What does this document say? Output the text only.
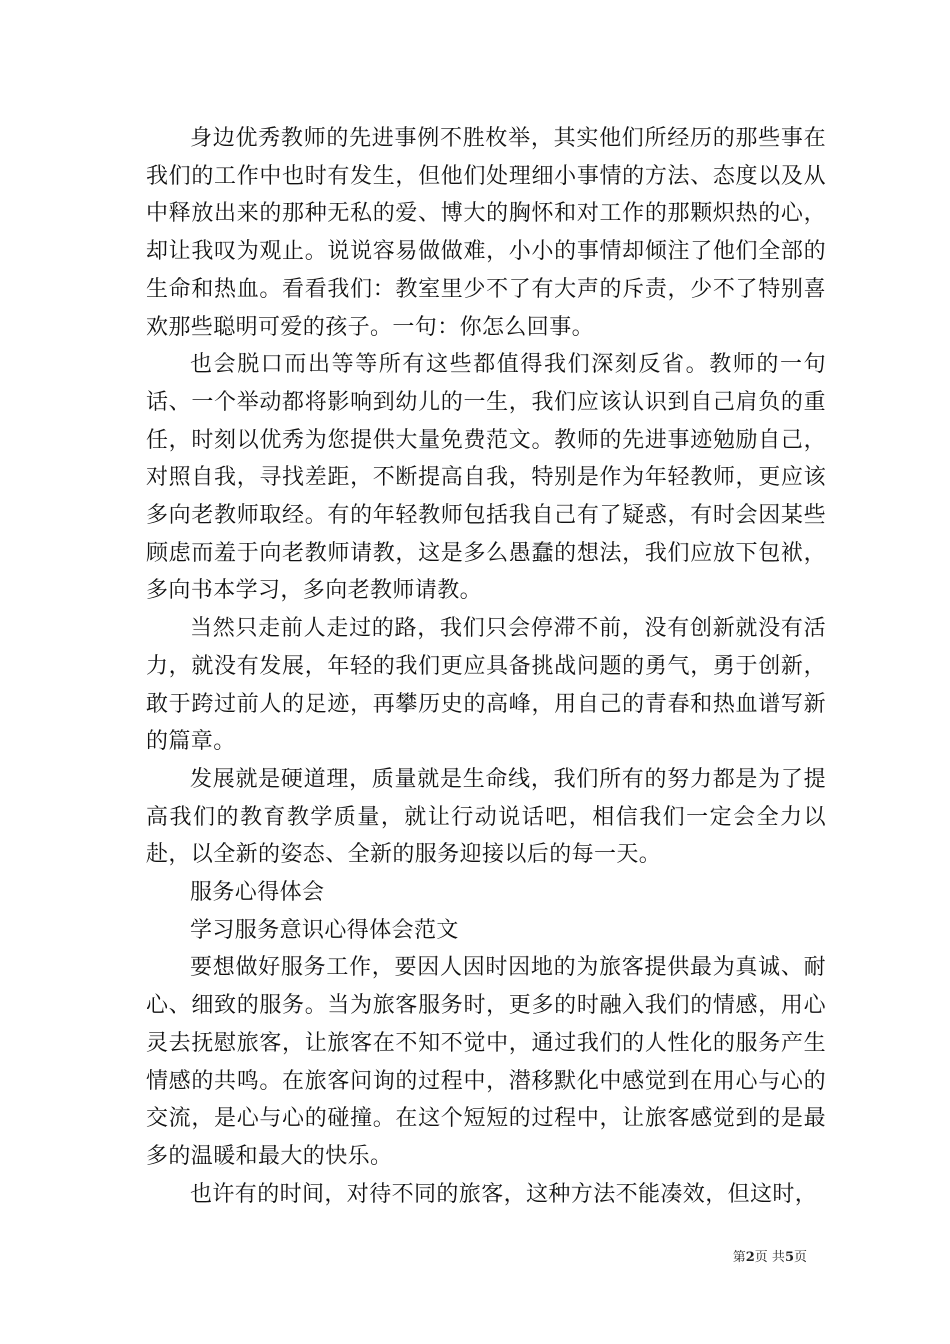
身边优秀教师的先进事例不胜枚举，其实他们所经历的那些事在我们的工作中也时有发生，但他们处理细小事情的方法、态度以及从中释放出来的那种无私的爱、博大的胸怀和对工作的那颗炽热的心，却让我叹为观止。说说容易做做难，小小的事情却倾注了他们全部的生命和热血。看看我们：教室里少不了有大声的斥责，少不了特别喜欢那些聪明可爱的孩子。一句：你怎么回事。

也会脱口而出等等所有这些都值得我们深刻反省。教师的一句话、一个举动都将影响到幼儿的一生，我们应该认识到自己肩负的重任，时刻以优秀为您提供大量免费范文。教师的先进事迹勉励自己，对照自我，寻找差距，不断提高自我，特别是作为年轻教师，更应该多向老教师取经。有的年轻教师包括我自己有了疑惑，有时会因某些顾虑而羞于向老教师请教，这是多么愚蠢的想法，我们应放下包袱，多向书本学习，多向老教师请教。

当然只走前人走过的路，我们只会停滞不前，没有创新就没有活力，就没有发展，年轻的我们更应具备挑战问题的勇气，勇于创新，敢于跨过前人的足迹，再攀历史的高峰，用自己的青春和热血谱写新的篇章。

发展就是硬道理，质量就是生命线，我们所有的努力都是为了提高我们的教育教学质量，就让行动说话吧，相信我们一定会全力以赴，以全新的姿态、全新的服务迎接以后的每一天。

服务心得体会

学习服务意识心得体会范文

要想做好服务工作，要因人因时因地的为旅客提供最为真诚、耐心、细致的服务。当为旅客服务时，更多的时融入我们的情感，用心灵去抚慰旅客，让旅客在不知不觉中，通过我们的人性化的服务产生情感的共鸣。在旅客问询的过程中，潜移默化中感觉到在用心与心的交流，是心与心的碰撞。在这个短短的过程中，让旅客感觉到的是最多的温暖和最大的快乐。

也许有的时间，对待不同的旅客，这种方法不能凑效，但这时，

第2页 共5页
